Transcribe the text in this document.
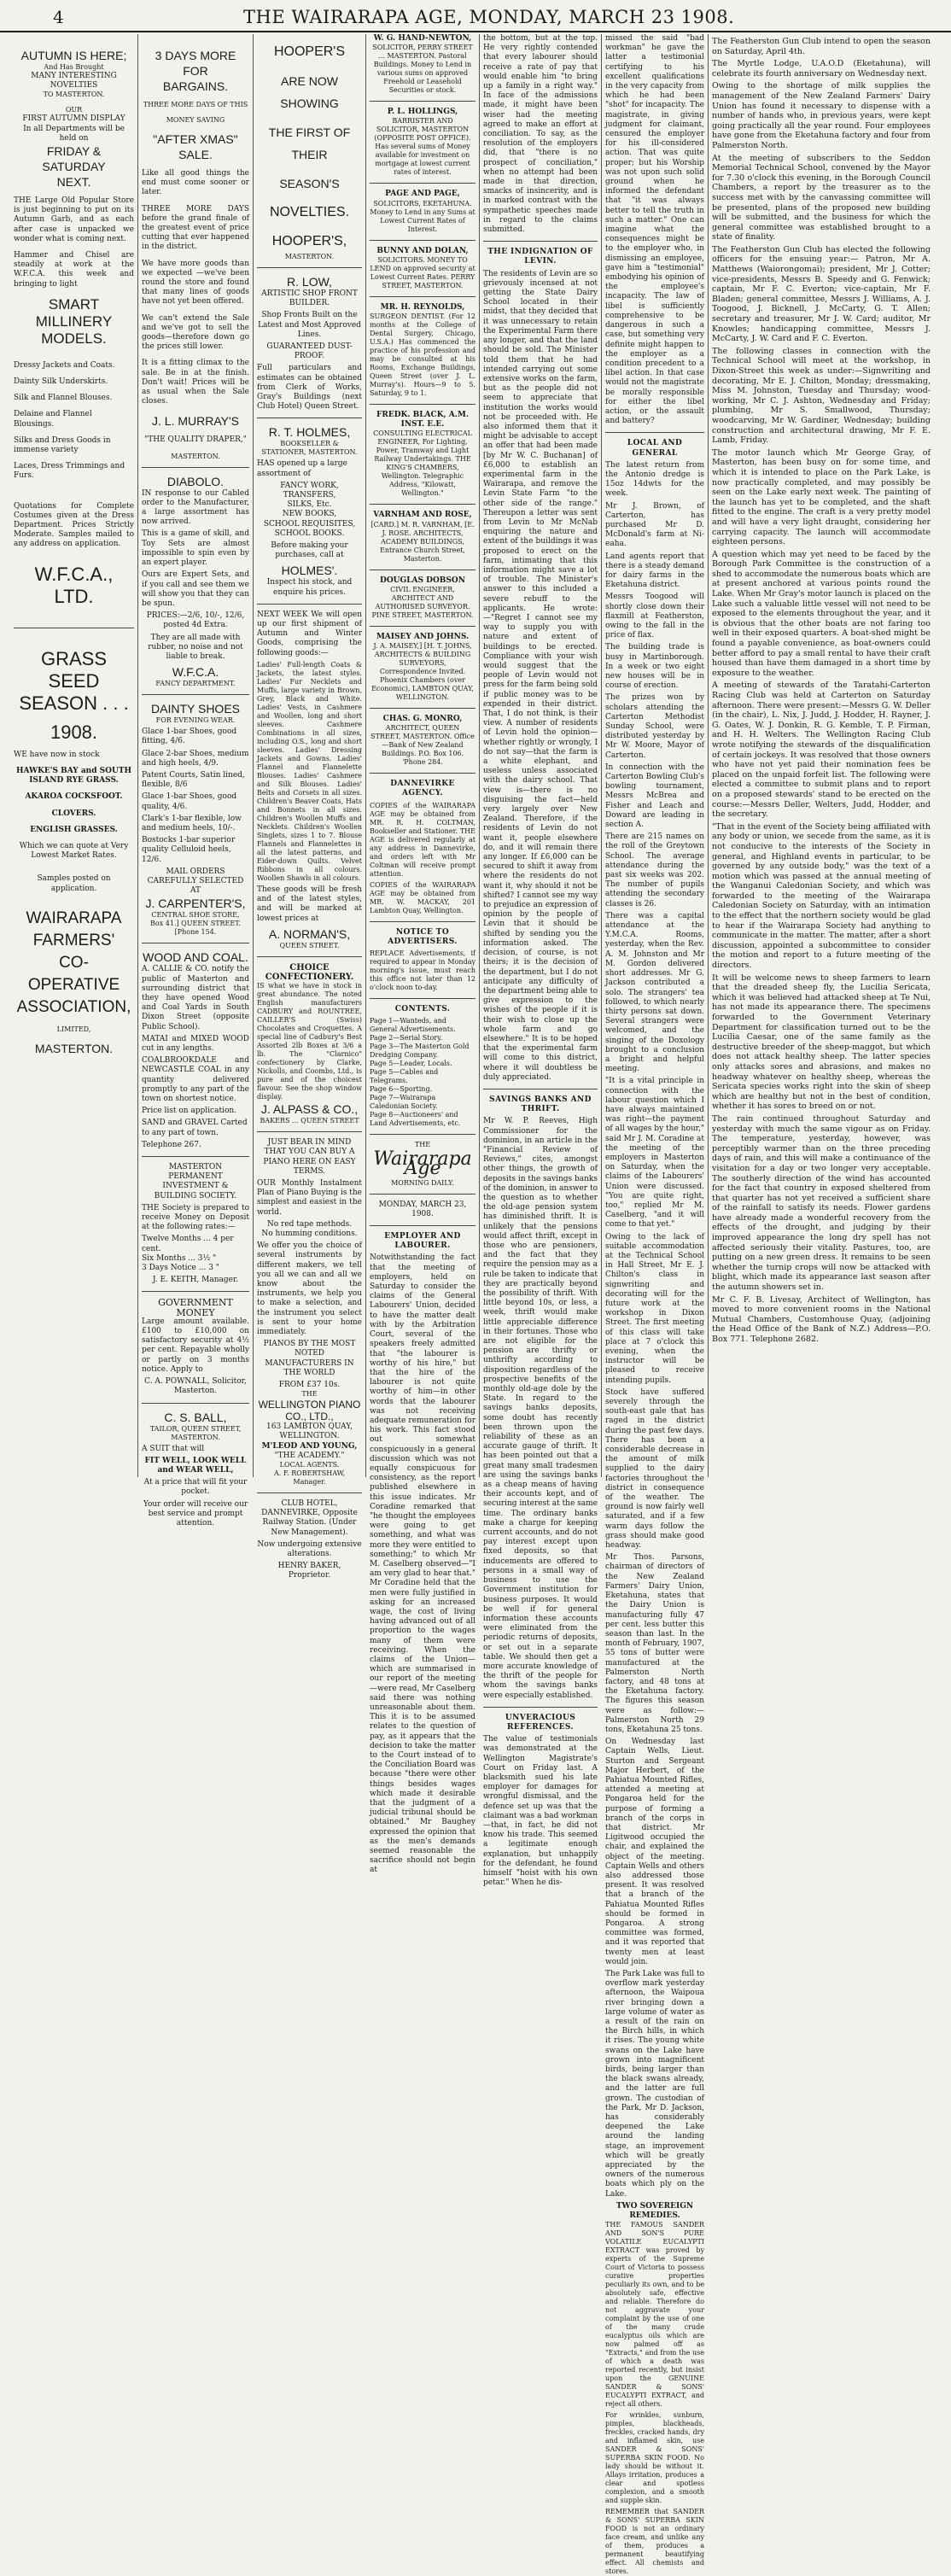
4	THE WAIRARAPA AGE, MONDAY, MARCH 23 1908.
AUTUMN IS HERE;
And Has Brought
MANY INTERESTING NOVELTIES
TO MASTERTON.
OUR
FIRST AUTUMN DISPLAY
In all Departments will be held on
FRIDAY & SATURDAY
NEXT.
THE Large Old Popular Store is just beginning to put on its Autumn Garb, and as each after case is unpacked we wonder what is coming next.
Hammer and Chisel are steadily at work at the W.F.C.A. this week and bringing to light
SMART MILLINERY
MODELS.
Dressy Jackets and Coats.
Dainty Silk Underskirts.
Silk and Flannel Blouses.
Delaine and Flannel Blousings.
Silks and Dress Goods in immense variety
Laces, Dress Trimmings and Furs.
Quotations for Complete Costumes given at the Dress Department. Prices Strictly Moderate. Samples mailed to any address on application.
W.F.C.A., LTD.
GRASS SEED
SEASON . . .
1908.
WE have now in stock
HAWKE'S BAY and SOUTH ISLAND RYE GRASS.
AKAROA COCKSFOOT.
CLOVERS.
ENGLISH GRASSES.
Which we can quote at Very Lowest Market Rates.
Samples posted on application.
WAIRARAPA
FARMERS'
CO-OPERATIVE
ASSOCIATION,
LIMITED,
MASTERTON.
3 DAYS MORE FOR
BARGAINS.
THREE MORE DAYS OF THIS
MONEY SAVING
"AFTER XMAS" SALE.
Like all good things the end must come sooner or later.
THREE MORE DAYS before the grand finale of the greatest event of price cutting that ever happened in the district.
We have more goods than we expected —we've been round the store and found that many lines of goods have not yet been offered.
We can't extend the Sale and we've got to sell the goods—therefore down go the prices still lower.
It is a fitting climax to the sale. Be in at the finish. Don't wait! Prices will be as usual when the Sale closes.
J. L. MURRAY'S
"THE QUALITY DRAPER,"
MASTERTON.
DIABOLO.
IN response to our Cabled order to the Manufacturer, a large assortment has now arrived.
This is a game of skill, and Toy Sets are almost impossible to spin even by an expert player.
Ours are Expert Sets, and if you call and see them we will show you that they can be spun.
PRICES:—2/6, 10/-, 12/6, posted 4d Extra.
They are all made with rubber, no noise and not liable to break.
W.F.C.A.
FANCY DEPARTMENT.
DAINTY SHOES
FOR EVENING WEAR.
Glace 1-bar Shoes, good fitting, 4/6.
Glace 2-bar Shoes, medium and high heels, 4/9.
Patent Courts, Satin lined, flexible, 8/6
Glace 1-bar Shoes, good quality, 4/6.
Clark's 1-bar flexible, low and medium heels, 10/-.
Bostocks 1-bar superior quality Celluloid heels, 12/6.
MAIL ORDERS CAREFULLY SELECTED AT
J. CARPENTER'S,
CENTRAL SHOE STORE,
Box 41.] QUEEN STREET. [Phone 154.
WOOD AND COAL.
A. CALLIE & CO. notify the public of Masterton and surrounding district that they have opened Wood and Coal Yards in South Dixon Street (opposite Public School).
MATAI and MIXED WOOD cut in any lengths.
COALBROOKDALE and NEWCASTLE COAL in any quantity delivered promptly to any part of the town on shortest notice.
Price list on application.
SAND and GRAVEL Carted to any part of town.
Telephone 267.
MASTERTON PERMANENT INVESTMENT & BUILDING SOCIETY.
THE Society is prepared to receive Money on Deposit at the following rates:—
Twelve Months ... 4 per cent.
Six Months ... 3½ "
3 Days Notice ... 3 "
J. E. KEITH, Manager.
GOVERNMENT MONEY
Large amount available. £100 to £10,000 on satisfactory security at 4½ per cent. Repayable wholly or partly on 3 months notice. Apply to
C. A. POWNALL, Solicitor, Masterton.
C. S. BALL,
TAILOR, QUEEN STREET, MASTERTON.
A SUIT that will
FIT WELL, LOOK WELL and WEAR WELL,
At a price that will fit your pocket.
Your order will receive our best service and prompt attention.
HOOPER'S
ARE NOW SHOWING
THE FIRST OF THEIR
SEASON'S
NOVELTIES.
HOOPER'S,
MASTERTON.
R. LOW,
ARTISTIC SHOP FRONT BUILDER.
Shop Fronts Built on the Latest and Most Approved Lines.
GUARANTEED DUST-PROOF.
Full particulars and estimates can be obtained from Clerk of Works, Gray's Buildings (next Club Hotel) Queen Street.
R. T. HOLMES,
BOOKSELLER & STATIONER, MASTERTON.
HAS opened up a large assortment of
FANCY WORK,
TRANSFERS,
SILKS, Etc.
NEW BOOKS,
SCHOOL REQUISITES,
SCHOOL BOOKS.
Before making your purchases, call at
HOLMES'.
Inspect his stock, and enquire his prices.
NEXT WEEK We will open up our first shipment of Autumn and Winter Goods, comprising the following goods:—
Ladies' Full-length Coats & Jackets, the latest styles. Ladies' Fur Necklets and Muffs, large variety in Brown, Grey, Black and White. Ladies' Vests, in Cashmere and Woollen, long and short sleeves. Cashmere Combinations in all sizes, including O.S., long and short sleeves. Ladies' Dressing Jackets and Gowns. Ladies' Flannel and Flannelette Blouses. Ladies' Cashmere and Silk Blouses. Ladies' Belts and Corsets in all sizes. Children's Beaver Coats, Hats and Bonnets in all sizes. Children's Woollen Muffs and Necklets. Children's Woollen Singlets, sizes 1 to 7. Blouse Flannels and Flannelettes in all the latest patterns, and Eider-down Quilts. Velvet Ribbons in all colours. Woollen Shawls in all colours.
These goods will be fresh and of the latest styles, and will be marked at lowest prices at
A. NORMAN'S,
QUEEN STREET.
CHOICE CONFECTIONERY.
IS what we have in stock in great abundance. The noted English manufacturers CADBURY and ROUNTREE, CAILLER'S (Swiss) Chocolates and Croquettes. A special line of Cadbury's Best Assorted 2lb Boxes at 3/6 a lb. The "Clarnico" confectionery by Clarke, Nickolls, and Coombs, Ltd., is pure and of the choicest flavour. See the shop window display.
J. ALPASS & CO.,
BAKERS ... QUEEN STREET
JUST BEAR IN MIND THAT YOU CAN BUY A PIANO HERE ON EASY TERMS.
OUR Monthly Instalment Plan of Piano Buying is the simplest and easiest in the world.
No red tape methods.
No humming conditions.
We offer you the choice of several instruments by different makers, we tell you all we can and all we know about the instruments, we help you to make a selection, and the instrument you select is sent to your home immediately.
PIANOS BY THE MOST NOTED MANUFACTURERS IN THE WORLD
FROM £37 10s.
THE
WELLINGTON PIANO CO., LTD.,
163 LAMBTON QUAY, WELLINGTON.
M'LEOD AND YOUNG,
"THE ACADEMY."
LOCAL AGENTS.
A. F. ROBERTSHAW, Manager.
CLUB HOTEL, DANNEVIRKE, Opposite Railway Station. (Under New Management).
Now undergoing extensive alterations.
HENRY BAKER, Proprietor.
W. G. HAND-NEWTON,
SOLICITOR, PERRY STREET ... MASTERTON. Pastoral Buildings. Money to Lend in various sums on approved Freehold or Leasehold Securities or stock.
P. L. HOLLINGS,
BARRISTER AND SOLICITOR, MASTERTON (OPPOSITE POST OFFICE). Has several sums of Money available for investment on mortgage at lowest current rates of interest.
PAGE AND PAGE,
SOLICITORS, EKETAHUNA. Money to Lend in any Sums at Lowest Current Rates of Interest.
BUNNY AND DOLAN,
SOLICITORS. MONEY TO LEND on approved security at Lowest Current Rates. PERRY STREET, MASTERTON.
MR. H. REYNOLDS,
SURGEON DENTIST. (For 12 months at the College of Dental Surgery, Chicago, U.S.A.) Has commenced the practice of his profession and may be consulted at his Rooms, Exchange Buildings, Queen Street (over J. L. Murray's). Hours—9 to 5. Saturday, 9 to 1.
FREDK. BLACK, A.M. INST. E.E.
CONSULTING ELECTRICAL ENGINEER, For Lighting, Power, Tramway and Light Railway Undertakings. THE KING'S CHAMBERS, Wellington. Telegraphic Address, "Kilowatt, Wellington."
VARNHAM AND ROSE,
[CARD.] M. R. VARNHAM, [E. J. ROSE. ARCHITECTS, ACADEMY BUILDINGS, Entrance Church Street, Masterton.
DOUGLAS DOBSON
CIVIL ENGINEER, ARCHITECT AND AUTHORISED SURVEYOR. PINE STREET, MASTERTON.
MAISEY AND JOHNS.
J. A. MAISEY,] [H. T. JOHNS, ARCHITECTS & BUILDING SURVEYORS, Correspondence Invited. Phoenix Chambers (over Economic), LAMBTON QUAY, WELLINGTON.
CHAS. G. MONRO,
ARCHITECT, QUEEN STREET, MASTERTON. Office—Bank of New Zealand Buildings. P.O. Box 106. 'Phone 284.
DANNEVIRKE AGENCY.
COPIES of the WAIRARAPA AGE may be obtained from MR. R. H. COLTMAN, Bookseller and Stationer. THE AGE is delivered regularly at any address in Dannevirke, and orders left with Mr Coltman will receive prompt attention.
COPIES of the WAIRARAPA AGE may be obtained from MR. W. MACKAY, 201 Lambton Quay, Wellington.
NOTICE TO ADVERTISERS.
REPLACE Advertisements, if required to appear in Monday morning's issue, must reach this office not later than 12 o'clock noon to-day.
CONTENTS.
Page 1—Wanteds, and General Advertisements.
Page 2—Serial Story.
Page 3—The Masterton Gold Dredging Company.
Page 5—Leader, Locals.
Page 5—Cables and Telegrams.
Page 6—Sporting.
Page 7—Wairarapa Caledonian Society.
Page 8—Auctioneers' and Land Advertisements, etc.
THE
Wairarapa Age
MORNING DAILY.
MONDAY, MARCH 23, 1908.
EMPLOYER AND LABOURER.
Notwithstanding the fact that the meeting of employers, held on Saturday to consider the claims of the General Labourers' Union, decided to have the matter dealt with by the Arbitration Court, several of the speakers freely admitted that "the labourer is worthy of his hire," but that the hire of the labourer is not quite worthy of him—in other words that the labourer was not receiving adequate remuneration for his work. This fact stood out somewhat conspicuously in a general discussion which was not equally conspicuous for consistency, as the report published elsewhere in this issue indicates. Mr Coradine remarked that "he thought the employees were going to get something, and what was more they were entitled to something;" to which Mr M. Caselberg observed—"I am very glad to hear that." Mr Coradine held that the men were fully justified in asking for an increased wage, the cost of living having advanced out of all proportion to the wages many of them were receiving. When the claims of the Union—which are summarised in our report of the meeting—were read, Mr Caselberg said there was nothing unreasonable about them. This it is to be assumed relates to the question of pay, as it appears that the decision to take the matter to the Court instead of to the Conciliation Board was because "there were other things besides wages which made it desirable that the judgment of a judicial tribunal should be obtained." Mr Baughey expressed the opinion that as the men's demands seemed reasonable the sacrifice should not begin at
the bottom, but at the top. He very rightly contended that every labourer should receive a rate of pay that would enable him "to bring up a family in a right way." In face of the admissions made, it might have been wiser had the meeting agreed to make an effort at conciliation. To say, as the resolution of the employers did, that "there is no prospect of conciliation," when no attempt had been made in that direction, smacks of insincerity, and is in marked contrast with the sympathetic speeches made in regard to the claims submitted.
THE INDIGNATION OF LEVIN.
The residents of Levin are so grievously incensed at not getting the State Dairy School located in their midst, that they decided that it was unnecessary to retain the Experimental Farm there any longer, and that the land should be sold. The Minister told them that he had intended carrying out some extensive works on the farm, but as the people did not seem to appreciate that institution the works would not be proceeded with. He also informed them that it might be advisable to accept an offer that had been made [by Mr W. C. Buchanan] of £6,000 to establish an experimental farm in the Wairarapa, and remove the Levin State Farm "to the other side of the range." Thereupon a letter was sent from Levin to Mr McNab enquiring the nature and extent of the buildings it was proposed to erect on the farm, intimating that this information might save a lot of trouble. The Minister's answer to this included a severe rebuff to the applicants. He wrote:—"Regret I cannot see my way to supply you with nature and extent of buildings to be erected. Compliance with your wish would suggest that the people of Levin would not press for the farm being sold if public money was to be expended in their district. That, I do not think, is their view. A number of residents of Levin hold the opinion—whether rightly or wrongly, I do not say—that the farm is a white elephant, and useless unless associated with the dairy school. That view is—there is no disguising the fact—held very largely over New Zealand. Therefore, if the residents of Levin do not want it, people elsewhere do, and it will remain there any longer. If £6,000 can be secured to shift it away from where the residents do not want it, why should it not be shifted? I cannot see my way to prejudice an expression of opinion by the people of Levin that it should be shifted by sending you the information asked. The decision, of course, is not theirs; it is the decision of the department, but I do not anticipate any difficulty of the department being able to give expression to the wishes of the people if it is their wish to close up the whole farm and go elsewhere." It is to be hoped that the experimental farm will come to this district, where it will doubtless be duly appreciated.
SAVINGS BANKS AND THRIFT.
Mr W. P. Reeves, High Commissioner for the dominion, in an article in the "Financial Review of Reviews," cites, amongst other things, the growth of deposits in the savings banks of the dominion, in answer to the question as to whether the old-age pension system has diminished thrift. It is unlikely that the pensions would affect thrift, except in those who are pensioners, and the fact that they require the pension may as a rule be taken to indicate that they are practically beyond the possibility of thrift. With little beyond 10s, or less, a week, thrift would make little appreciable difference in their fortunes. Those who are not eligible for the pension are thrifty or unthrifty according to disposition regardless of the prospective benefits of the monthly old-age dole by the State. In regard to the savings banks deposits, some doubt has recently been thrown upon the reliability of these as an accurate gauge of thrift. It has been pointed out that a great many small tradesmen are using the savings banks as a cheap means of having their accounts kept, and of securing interest at the same time. The ordinary banks make a charge for keeping current accounts, and do not pay interest except upon fixed deposits, so that inducements are offered to persons in a small way of business to use the Government institution for business purposes. It would be well if for general information these accounts were eliminated from the periodic returns of deposits, or set out in a separate table. We should then get a more accurate knowledge of the thrift of the people for whom the savings banks were especially established.
UNVERACIOUS REFERENCES.
The value of testimonials was demonstrated at the Wellington Magistrate's Court on Friday last. A blacksmith sued his late employer for damages for wrongful dismissal, and the defence set up was that the claimant was a bad workman—that, in fact, he did not know his trade. This seemed a legitimate enough explanation, but unhappily for the defendant, he found himself "hoist with his own petar." When he dis-
missed the said "bad workman" he gave the latter a testimonial certifying to his excellent qualifications in the very capacity from which he had been "shot" for incapacity. The magistrate, in giving judgment for claimant, censured the employer for his ill-considered action. That was quite proper; but his Worship was not upon such solid ground when he informed the defendant that "it was always better to tell the truth in such a matter." One can imagine what the consequences might be to the employer who, in dismissing an employee, gave him a "testimonial" embodying his opinion of the employee's incapacity. The law of libel is sufficiently comprehensive to be dangerous in such a case, but something very definite might happen to the employer as a condition precedent to a libel action. In that case would not the magistrate be morally responsible for either the libel action, or the assault and battery?
LOCAL AND GENERAL
The latest return from the Antonio dredge is 15oz 14dwts for the week.
Mr J. Brown, of Carterton, has purchased Mr D. McDonald's farm at Ni-eaha.
Land agents report that there is a steady demand for dairy farms in the Eketahuna district.
Messrs Toogood will shortly close down their flaxmill at Featherston, owing to the fall in the price of flax.
The building trade is busy in Martinborough. In a week or two eight new houses will be in course of erection.
The prizes won by scholars attending the Carterton Methodist Sunday School, were distributed yesterday by Mr W. Moore, Mayor of Carterton.
In connection with the Carterton Bowling Club's bowling tournament, Messrs McBrea and Fisher and Leach and Doward are leading in section A.
There are 215 names on the roll of the Greytown School. The average attendance during the past six weeks was 202. The number of pupils attending the secondary classes is 26.
There was a capital attendance at the Y.M.C.A. Rooms, yesterday, when the Rev. A. M. Johnston and Mr M. Gordon delivered short addresses. Mr G. Jackson contributed a solo. The strangers' tea followed, to which nearly thirty persons sat down. Several strangers were welcomed, and the singing of the Doxology brought to a conclusion a bright and helpful meeting.
"It is a vital principle in connection with the labour question which I have always maintained was right—the payment of all wages by the hour," said Mr J. M. Coradine at the meeting of the employers in Masterton on Saturday, when the claims of the Labourers' Union were discussed. "You are quite right, too," replied Mr M. Caselberg, "and it will come to that yet."
Owing to the lack of suitable accommodation at the Technical School in Hall Street, Mr E. J. Chilton's class in signwriting and decorating will for the future work at the workshop in Dixon Street. The first meeting of this class will take place at 7 o'clock this evening, when the instructor will be pleased to receive intending pupils.
Stock have suffered severely through the south-east gale that has raged in the district during the past few days. There has been a considerable decrease in the amount of milk supplied to the dairy factories throughout the district in consequence of the weather. The ground is now fairly well saturated, and if a few warm days follow the grass should make good headway.
Mr Thos. Parsons, chairman of directors of the New Zealand Farmers' Dairy Union, Eketahuna, states that the Dairy Union is manufacturing fully 47 per cent. less butter this season than last. In the month of February, 1907, 55 tons of butter were manufactured at the Palmerston North factory, and 48 tons at the Eketahuna factory. The figures this season were as follow:—Palmerston North 29 tons, Eketahuna 25 tons.
On Wednesday last Captain Wells, Lieut. Sturton and Sergeant Major Herbert, of the Pahiatua Mounted Rifles, attended a meeting at Pongaroa held for the purpose of forming a branch of the corps in that district. Mr Ligitwood occupied the chair, and explained the object of the meeting. Captain Wells and others also addressed those present. It was resolved that a branch of the Pahiatua Mounted Rifles should be formed in Pongaroa. A strong committee was formed, and it was reported that twenty men at least would join.
The Park Lake was full to overflow mark yesterday afternoon, the Waipoua river bringing down a large volume of water as a result of the rain on the Birch hills, in which it rises. The young white swans on the Lake have grown into magnificent birds, being larger than the black swans already, and the latter are full grown. The custodian of the Park, Mr D. Jackson, has considerably deepened the Lake around the landing stage, an improvement which will be greatly appreciated by the owners of the numerous boats which ply on the Lake.
TWO SOVEREIGN REMEDIES.
THE FAMOUS SANDER AND SON'S PURE VOLATILE EUCALYPTI EXTRACT was proved by experts of the Supreme Court of Victoria to possess curative properties peculiarly its own, and to be absolutely safe, effective and reliable. Therefore do not aggravate your complaint by the use of one of the many crude eucalyptus oils which are now palmed off as "Extracts," and from the use of which a death was reported recently, but insist upon the GENUINE SANDER & SONS' EUCALYPTI EXTRACT, and reject all others.
For wrinkles, sunburn, pimples, blackheads, freckles, cracked hands, dry and inflamed skin, use SANDER & SONS' SUPERBA SKIN FOOD. No lady should be without it. Allays irritation, produces a clear and spotless complexion, and a smooth and supple skin.
REMEMBER that SANDER & SONS' SUPERBA SKIN FOOD is not an ordinary face cream, and unlike any of them, produces a permanent beautifying effect. All chemists and stores.
The Featherston Gun Club intend to open the season on Saturday, April 4th.
The Myrtle Lodge, U.A.O.D (Eketahuna), will celebrate its fourth anniversary on Wednesday next.
Owing to the shortage of milk supplies the management of the New Zealand Farmers' Dairy Union has found it necessary to dispense with a number of hands who, in previous years, were kept going practically all the year round. Four employees have gone from the Eketahuna factory and four from Palmerston North.
At the meeting of subscribers to the Seddon Memorial Technical School, convened by the Mayor for 7.30 o'clock this evening, in the Borough Council Chambers, a report by the treasurer as to the success met with by the canvassing committee will be presented, plans of the proposed new building will be submitted, and the business for which the general committee was established brought to a state of finality.
The Featherston Gun Club has elected the following officers for the ensuing year:— Patron, Mr A. Matthews (Waiorongomai); president, Mr J. Cotter; vice-presidents, Messrs B. Speedy and G. Fenwick; captain, Mr F. C. Everton; vice-captain, Mr F. Bladen; general committee, Messrs J. Williams, A. J. Toogood, J. Bicknell, J. McCarty, G. T. Allen; secretary and treasurer, Mr J. W. Card; auditor, Mr Knowles; handicapping committee, Messrs J. McCarty, J. W. Card and F. C. Everton.
The following classes in connection with the Technical School will meet at the workshop, in Dixon-Street this week as under:—Signwriting and decorating, Mr E. J. Chilton, Monday; dressmaking, Miss M. Johnston, Tuesday and Thursday; wood-working, Mr C. J. Ashton, Wednesday and Friday; plumbing, Mr S. Smallwood, Thursday; woodcarving, Mr W. Gardiner, Wednesday; building construction and architectural drawing, Mr F. E. Lamb, Friday.
The motor launch which Mr George Gray, of Masterton, has been busy on for some time, and which it is intended to place on the Park Lake, is now practically completed, and may possibly be seen on the Lake early next week. The painting of the launch has yet to be completed, and the shaft fitted to the engine. The craft is a very pretty model and will have a very light draught, considering her carrying capacity. The launch will accommodate eighteen persons.
A question which may yet need to be faced by the Borough Park Committee is the construction of a shed to accommodate the numerous boats which are at present anchored at various points round the Lake. When Mr Gray's motor launch is placed on the Lake such a valuable little vessel will not need to be exposed to the elements throughout the year, and it is obvious that the other boats are not faring too well in their exposed quarters. A boat-shed might be found a payable convenience, as boat-owners could better afford to pay a small rental to have their craft housed than have them damaged in a short time by exposure to the weather.
A meeting of stewards of the Taratahi-Carterton Racing Club was held at Carterton on Saturday afternoon. There were present:—Messrs G. W. Deller (in the chair), L. Nix, J. Judd, J. Hodder, H. Rayner, J. G. Oates, W. J. Donkin, R. G. Kemble, T. P. Firman, and H. H. Welters. The Wellington Racing Club wrote notifying the stewards of the disqualification of certain jockeys. It was resolved that those owners who have not yet paid their nomination fees be placed on the unpaid forfeit list. The following were elected a committee to submit plans and to report on a proposed stewards' stand to be erected on the course:—Messrs Deller, Welters, Judd, Hodder, and the secretary.
"That in the event of the Society being affiliated with any body or union, we secede from the same, as it is not conducive to the interests of the Society in general, and Highland events in particular, to be governed by any outside body," was the text of a motion which was passed at the annual meeting of the Wanganui Caledonian Society, and which was forwarded to the meeting of the Wairarapa Caledonian Society on Saturday, with an intimation to the effect that the northern society would be glad to hear if the Wairarapa Society had anything to communicate in the matter. The matter, after a short discussion, appointed a subcommittee to consider the motion and report to a future meeting of the directors.
It will be welcome news to sheep farmers to learn that the dreaded sheep fly, the Lucilia Sericata, which it was believed had attacked sheep at Te Nui, has not made its appearance there. The specimens forwarded to the Government Veterinary Department for classification turned out to be the Lucilia Caesar, one of the same family as the destructive breeder of the sheep-maggot, but which does not attack healthy sheep. The latter species only attacks sores and abrasions, and makes no headway whatever on healthy sheep, whereas the Sericata species works right into the skin of sheep which are healthy but not in the best of condition, whether it has sores to breed on or not.
The rain continued throughout Saturday and yesterday with much the same vigour as on Friday. The temperature, yesterday, however, was perceptibly warmer than on the three preceding days of rain, and this will make a continuance of the visitation for a day or two longer very acceptable. The southerly direction of the wind has accounted for the fact that country in exposed sheltered from that quarter has not yet received a sufficient share of the rainfall to satisfy its needs. Flower gardens have already made a wonderful recovery from the effects of the drought, and judging by their improved appearance the long dry spell has not affected seriously their vitality. Pastures, too, are putting on a new green dress. It remains to be seen whether the turnip crops will now be attacked with blight, which made its appearance last season after the autumn showers set in.
Mr C. F. B. Livesay, Architect of Wellington, has moved to more convenient rooms in the National Mutual Chambers, Customhouse Quay, (adjoining the Head Office of the Bank of N.Z.) Address—P.O. Box 771. Telephone 2682.
